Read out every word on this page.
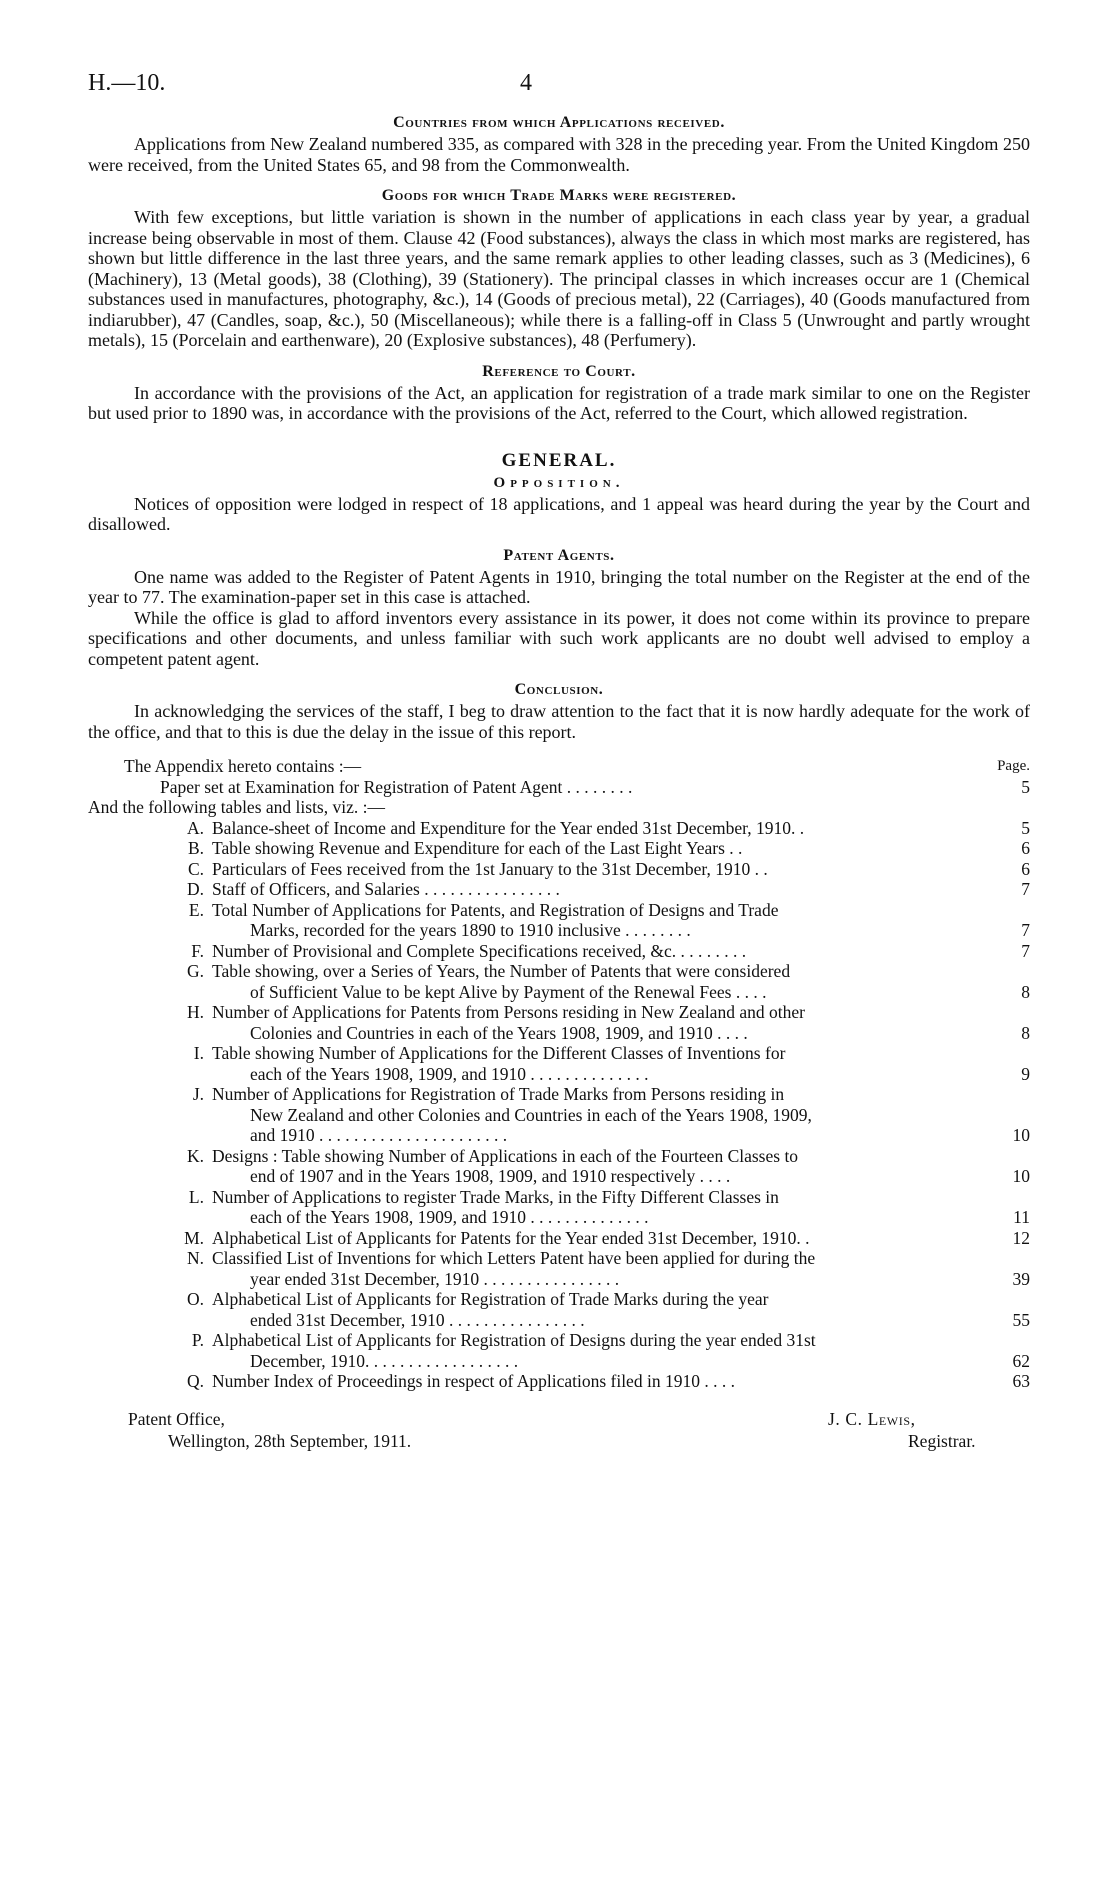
H.—10.	4
Countries from which Applications received.

Applications from New Zealand numbered 335, as compared with 328 in the preceding year. From the United Kingdom 250 were received, from the United States 65, and 98 from the Commonwealth.

Goods for which Trade Marks were registered.

With few exceptions, but little variation is shown in the number of applications in each class year by year, a gradual increase being observable in most of them. Clause 42 (Food substances), always the class in which most marks are registered, has shown but little difference in the last three years, and the same remark applies to other leading classes, such as 3 (Medicines), 6 (Machinery), 13 (Metal goods), 38 (Clothing), 39 (Stationery). The principal classes in which increases occur are 1 (Chemical substances used in manufactures, photography, &c.), 14 (Goods of precious metal), 22 (Carriages), 40 (Goods manufactured from indiarubber), 47 (Candles, soap, &c.), 50 (Miscellaneous); while there is a falling-off in Class 5 (Unwrought and partly wrought metals), 15 (Porcelain and earthenware), 20 (Explosive substances), 48 (Perfumery).

Reference to Court.

In accordance with the provisions of the Act, an application for registration of a trade mark similar to one on the Register but used prior to 1890 was, in accordance with the provisions of the Act, referred to the Court, which allowed registration.

GENERAL.
Opposition.

Notices of opposition were lodged in respect of 18 applications, and 1 appeal was heard during the year by the Court and disallowed.

Patent Agents.

One name was added to the Register of Patent Agents in 1910, bringing the total number on the Register at the end of the year to 77. The examination-paper set in this case is attached.

While the office is glad to afford inventors every assistance in its power, it does not come within its province to prepare specifications and other documents, and unless familiar with such work applicants are no doubt well advised to employ a competent patent agent.

Conclusion.

In acknowledging the services of the staff, I beg to draw attention to the fact that it is now hardly adequate for the work of the office, and that to this is due the delay in the issue of this report.

The Appendix hereto contains :—	Page.
Paper set at Examination for Registration of Patent Agent . . . . . . . .	5
And the following tables and lists, viz. :—
A. Balance-sheet of Income and Expenditure for the Year ended 31st December, 1910. .	5
B. Table showing Revenue and Expenditure for each of the Last Eight Years . .	6
C. Particulars of Fees received from the 1st January to the 31st December, 1910 . .	6
D. Staff of Officers, and Salaries . . . . . . . . . . . . . . . .	7
E. Total Number of Applications for Patents, and Registration of Designs and Trade
Marks, recorded for the years 1890 to 1910 inclusive . . . . . . . .	7
F. Number of Provisional and Complete Specifications received, &c. . . . . . . . .	7
G. Table showing, over a Series of Years, the Number of Patents that were considered
of Sufficient Value to be kept Alive by Payment of the Renewal Fees . . . .	8
H. Number of Applications for Patents from Persons residing in New Zealand and other
Colonies and Countries in each of the Years 1908, 1909, and 1910 . . . .	8
I. Table showing Number of Applications for the Different Classes of Inventions for
each of the Years 1908, 1909, and 1910 . . . . . . . . . . . . . .	9
J. Number of Applications for Registration of Trade Marks from Persons residing in
New Zealand and other Colonies and Countries in each of the Years 1908, 1909,
and 1910 . . . . . . . . . . . . . . . . . . . . . .	10
K. Designs : Table showing Number of Applications in each of the Fourteen Classes to
end of 1907 and in the Years 1908, 1909, and 1910 respectively . . . .	10
L. Number of Applications to register Trade Marks, in the Fifty Different Classes in
each of the Years 1908, 1909, and 1910 . . . . . . . . . . . . . .	11
M. Alphabetical List of Applicants for Patents for the Year ended 31st December, 1910. .	12
N. Classified List of Inventions for which Letters Patent have been applied for during the
year ended 31st December, 1910 . . . . . . . . . . . . . . . .	39
O. Alphabetical List of Applicants for Registration of Trade Marks during the year
ended 31st December, 1910 . . . . . . . . . . . . . . . .	55
P. Alphabetical List of Applicants for Registration of Designs during the year ended 31st
December, 1910. . . . . . . . . . . . . . . . . .	62
Q. Number Index of Proceedings in respect of Applications filed in 1910 . . . .	63
Patent Office,
Wellington, 28th September, 1911.
J. C. Lewis,
Registrar.
